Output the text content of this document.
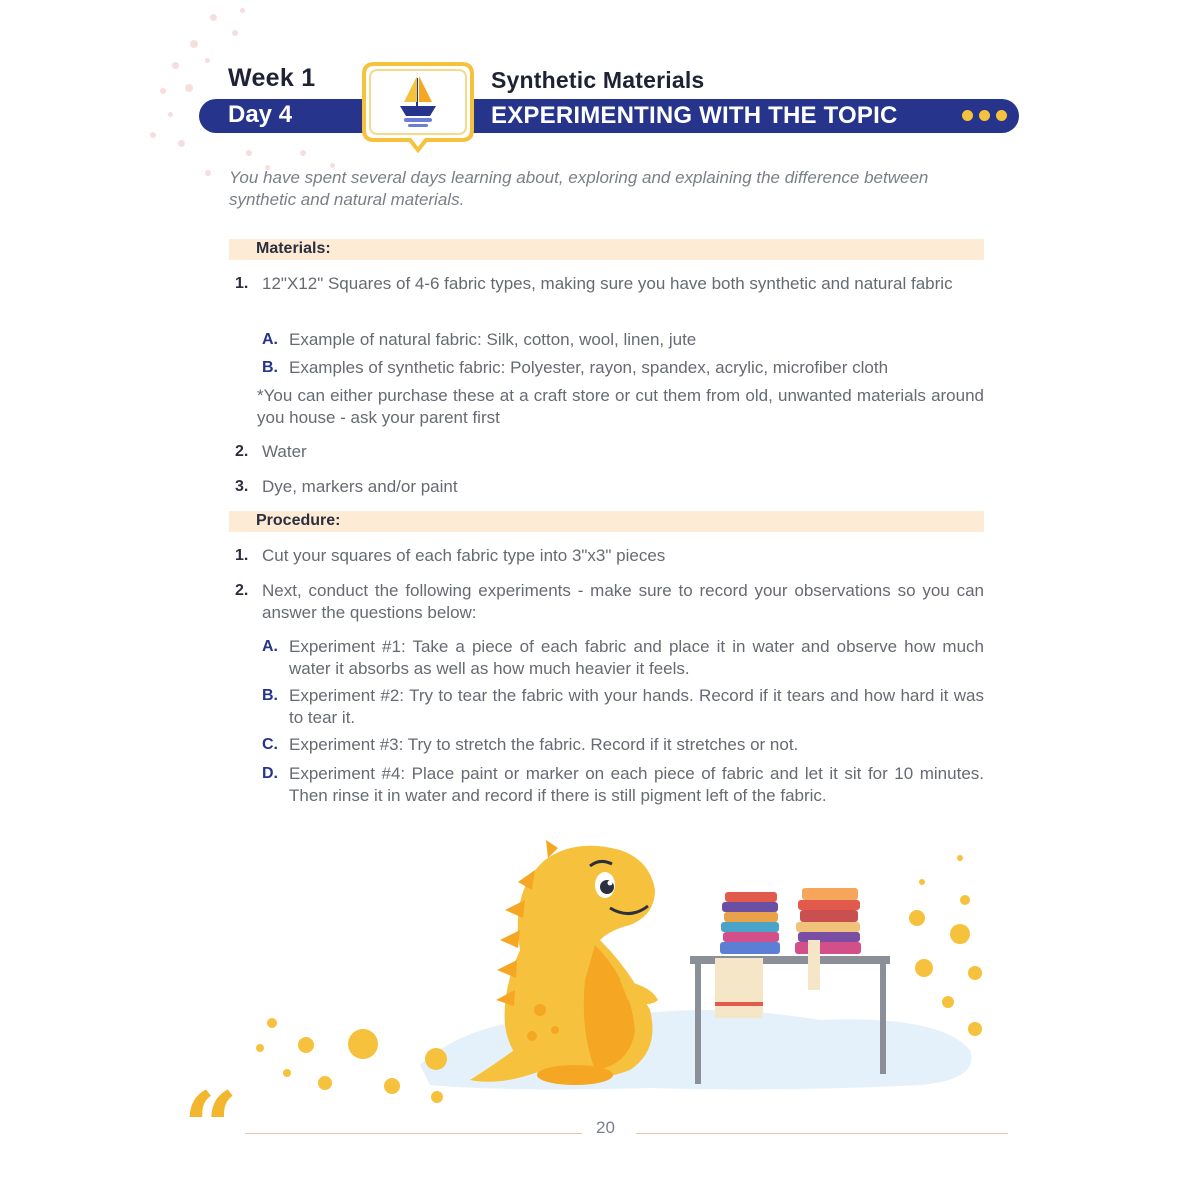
Week 1	Synthetic Materials
Day 4	EXPERIMENTING WITH THE TOPIC
You have spent several days learning about, exploring and explaining the difference between synthetic and natural materials.
Materials:
1. 12"X12" Squares of 4-6 fabric types, making sure you have both synthetic and natural fabric
A. Example of natural fabric: Silk, cotton, wool, linen, jute
B. Examples of synthetic fabric: Polyester, rayon, spandex, acrylic, microfiber cloth
*You can either purchase these at a craft store or cut them from old, unwanted materials around you house - ask your parent first
2. Water
3. Dye, markers and/or paint
Procedure:
1. Cut your squares of each fabric type into 3"x3" pieces
2. Next, conduct the following experiments - make sure to record your observations so you can answer the questions below:
A. Experiment #1: Take a piece of each fabric and place it in water and observe how much water it absorbs as well as how much heavier it feels.
B. Experiment #2: Try to tear the fabric with your hands. Record if it tears and how hard it was to tear it.
C. Experiment #3: Try to stretch the fabric. Record if it stretches or not.
D. Experiment #4: Place paint or marker on each piece of fabric and let it sit for 10 minutes. Then rinse it in water and record if there is still pigment left of the fabric.
“	20
